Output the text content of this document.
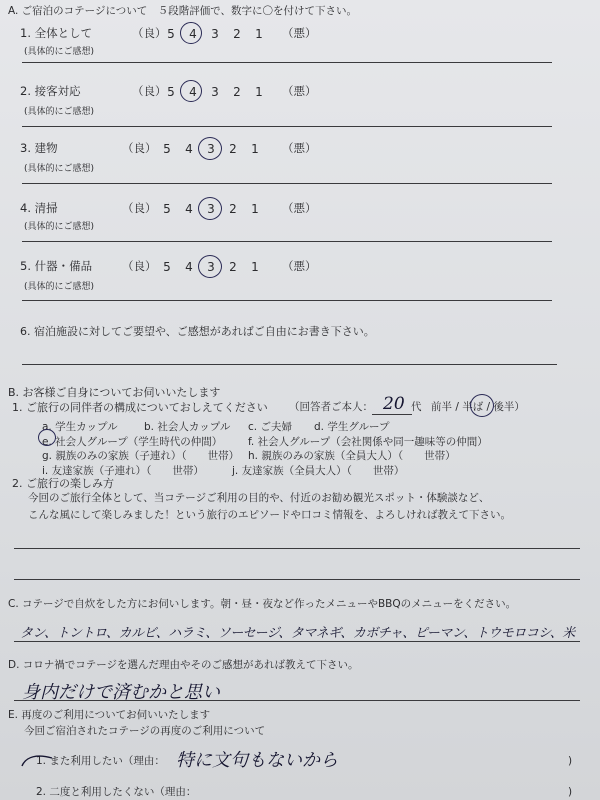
A. ご宿泊のコテージについて　５段階評価で、数字に〇を付けて下さい。
1. 全体として	（良） 5	4	3	2	1	（悪）
(具体的にご感想)
2. 接客対応	（良） 5	4	3	2	1	（悪）
(具体的にご感想)
3. 建物	（良） 5	4	3	2	1	（悪）
(具体的にご感想)
4. 清掃	（良） 5	4	3	2	1	（悪）
(具体的にご感想)
5. 什器・備品	（良） 5	4	3	2	1	（悪）
(具体的にご感想)
6. 宿泊施設に対してご要望や、ご感想があればご自由にお書き下さい。
B. お客様ご自身についてお伺いいたします
1. ご旅行の同伴者の構成についておしえてください （回答者ご本人： 20 代 前半 / 半ば / 後半）
a. 学生カップル	b. 社会人カップル c. ご夫婦 d. 学生グループ
e. 社会人グループ（学生時代の仲間） f. 社会人グループ（会社関係や同一趣味等の仲間）
g. 親族のみの家族（子連れ）（　　世帯） h. 親族のみの家族（全員大人）（　　世帯）
i. 友達家族（子連れ）（　　世帯）	j. 友達家族（全員大人）（　　世帯）
2. ご旅行の楽しみ方
今回のご旅行全体として、当コテージご利用の目的や、付近のお勧め観光スポット・体験談など、
こんな風にして楽しみました！という旅行のエピソードや口コミ情報を、よろしければ教えて下さい。
C. コテージで自炊をした方にお伺いします。朝・昼・夜など作ったメニューやBBQのメニューをください。
タン、トントロ、カルビ、ハラミ、ソーセージ、タマネギ、カボチャ、ピーマン、トウモロコシ、米
D. コロナ禍でコテージを選んだ理由やそのご感想があれば教えて下さい。
身内だけで済むかと思い
E. 再度のご利用についてお伺いいたします
今回ご宿泊されたコテージの再度のご利用について
1. また利用したい（理由： 特に文句もないから	)
2. 二度と利用したくない（理由：	)
